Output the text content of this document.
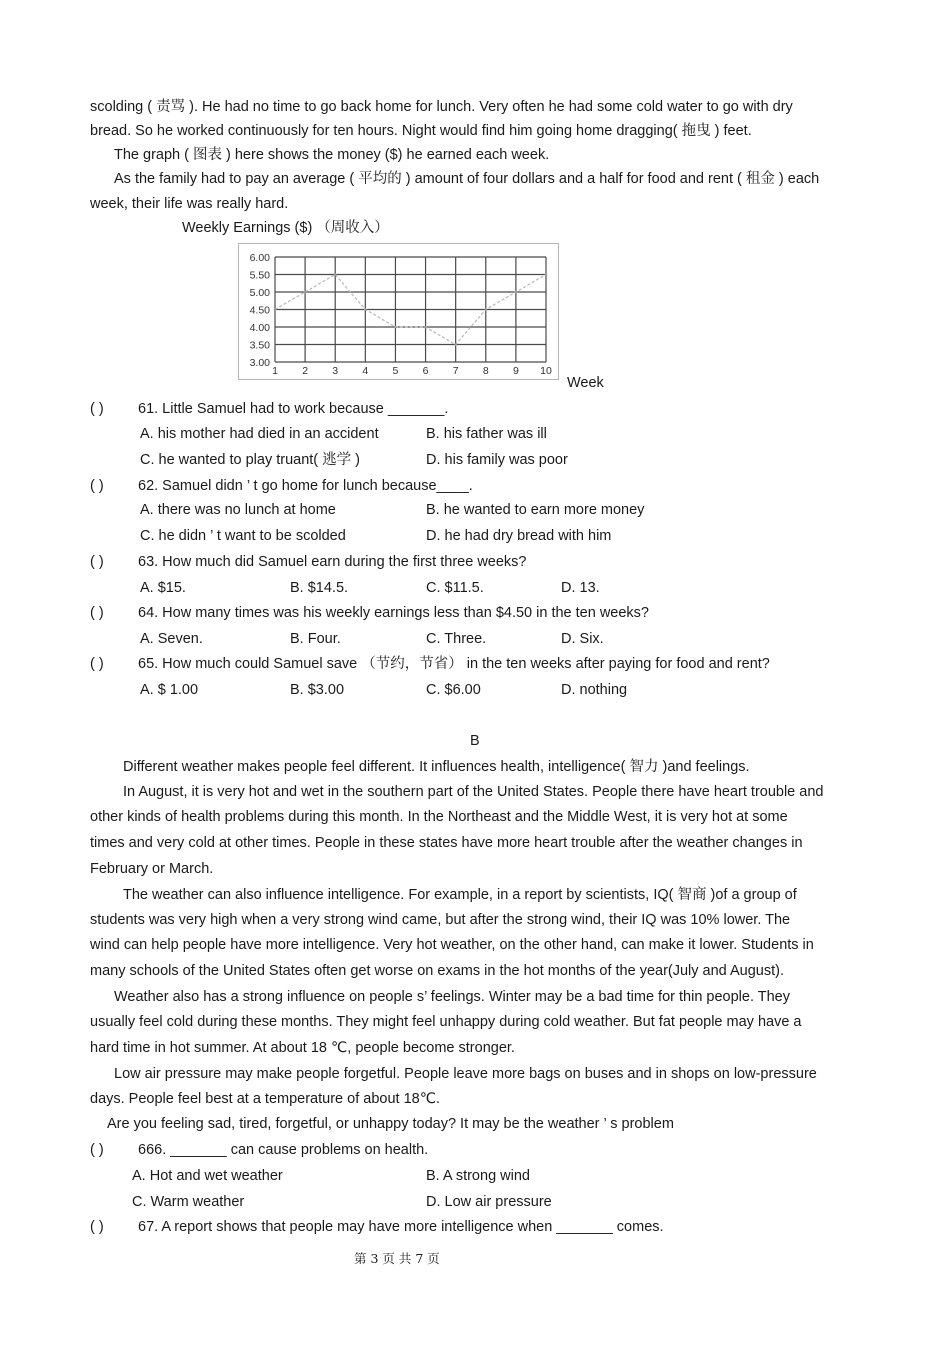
scolding ( 责骂 ). He had no time to go back home for lunch. Very often he had some cold water to go with dry
bread. So he worked continuously for ten hours. Night would find him going home dragging( 拖曳 ) feet.
The graph ( 图表 ) here shows the money ($) he earned each week.
As the family had to pay an average ( 平均的 ) amount of four dollars and a half for food and rent ( 租金 ) each
week, their life was really hard.
Weekly Earnings ($) （周收入）
6.00
5.50
5.00
4.50
4.00
3.50
3.00
1 2 3 4 5 6 7 8 9 10
Week
( ) 61. Little Samuel had to work because _______.
A. his mother had died in an accident	B. his father was ill
C. he wanted to play truant( 逃学 )	D. his family was poor
( ) 62. Samuel didn ’ t go home for lunch because____.
A. there was no lunch at home	B. he wanted to earn more money
C. he didn ’ t want to be scolded	D. he had dry bread with him
( ) 63. How much did Samuel earn during the first three weeks?
A. $15.	B. $14.5.	C. $11.5.	D. 13.
( ) 64. How many times was his weekly earnings less than $4.50 in the ten weeks?
A. Seven.	B. Four.	C. Three.	D. Six.
( ) 65. How much could Samuel save （节约，节省） in the ten weeks after paying for food and rent?
A. $ 1.00	B. $3.00	C. $6.00	D. nothing
B
Different weather makes people feel different. It influences health, intelligence( 智力 )and feelings.
In August, it is very hot and wet in the southern part of the United States. People there have heart trouble and
other kinds of health problems during this month. In the Northeast and the Middle West, it is very hot at some
times and very cold at other times. People in these states have more heart trouble after the weather changes in
February or March.
The weather can also influence intelligence. For example, in a report by scientists, IQ( 智商 )of a group of
students was very high when a very strong wind came, but after the strong wind, their IQ was 10% lower. The
wind can help people have more intelligence. Very hot weather, on the other hand, can make it lower. Students in
many schools of the United States often get worse on exams in the hot months of the year(July and August).
Weather also has a strong influence on people s’ feelings. Winter may be a bad time for thin people. They
usually feel cold during these months. They might feel unhappy during cold weather. But fat people may have a
hard time in hot summer. At about 18 ℃, people become stronger.
Low air pressure may make people forgetful. People leave more bags on buses and in shops on low-pressure
days. People feel best at a temperature of about 18℃.
Are you feeling sad, tired, forgetful, or unhappy today? It may be the weather ’ s problem
( ) 666. _______ can cause problems on health.
A. Hot and wet weather	B. A strong wind
C. Warm weather	D. Low air pressure
( ) 67. A report shows that people may have more intelligence when _______ comes.
第 3 页 共 7 页
